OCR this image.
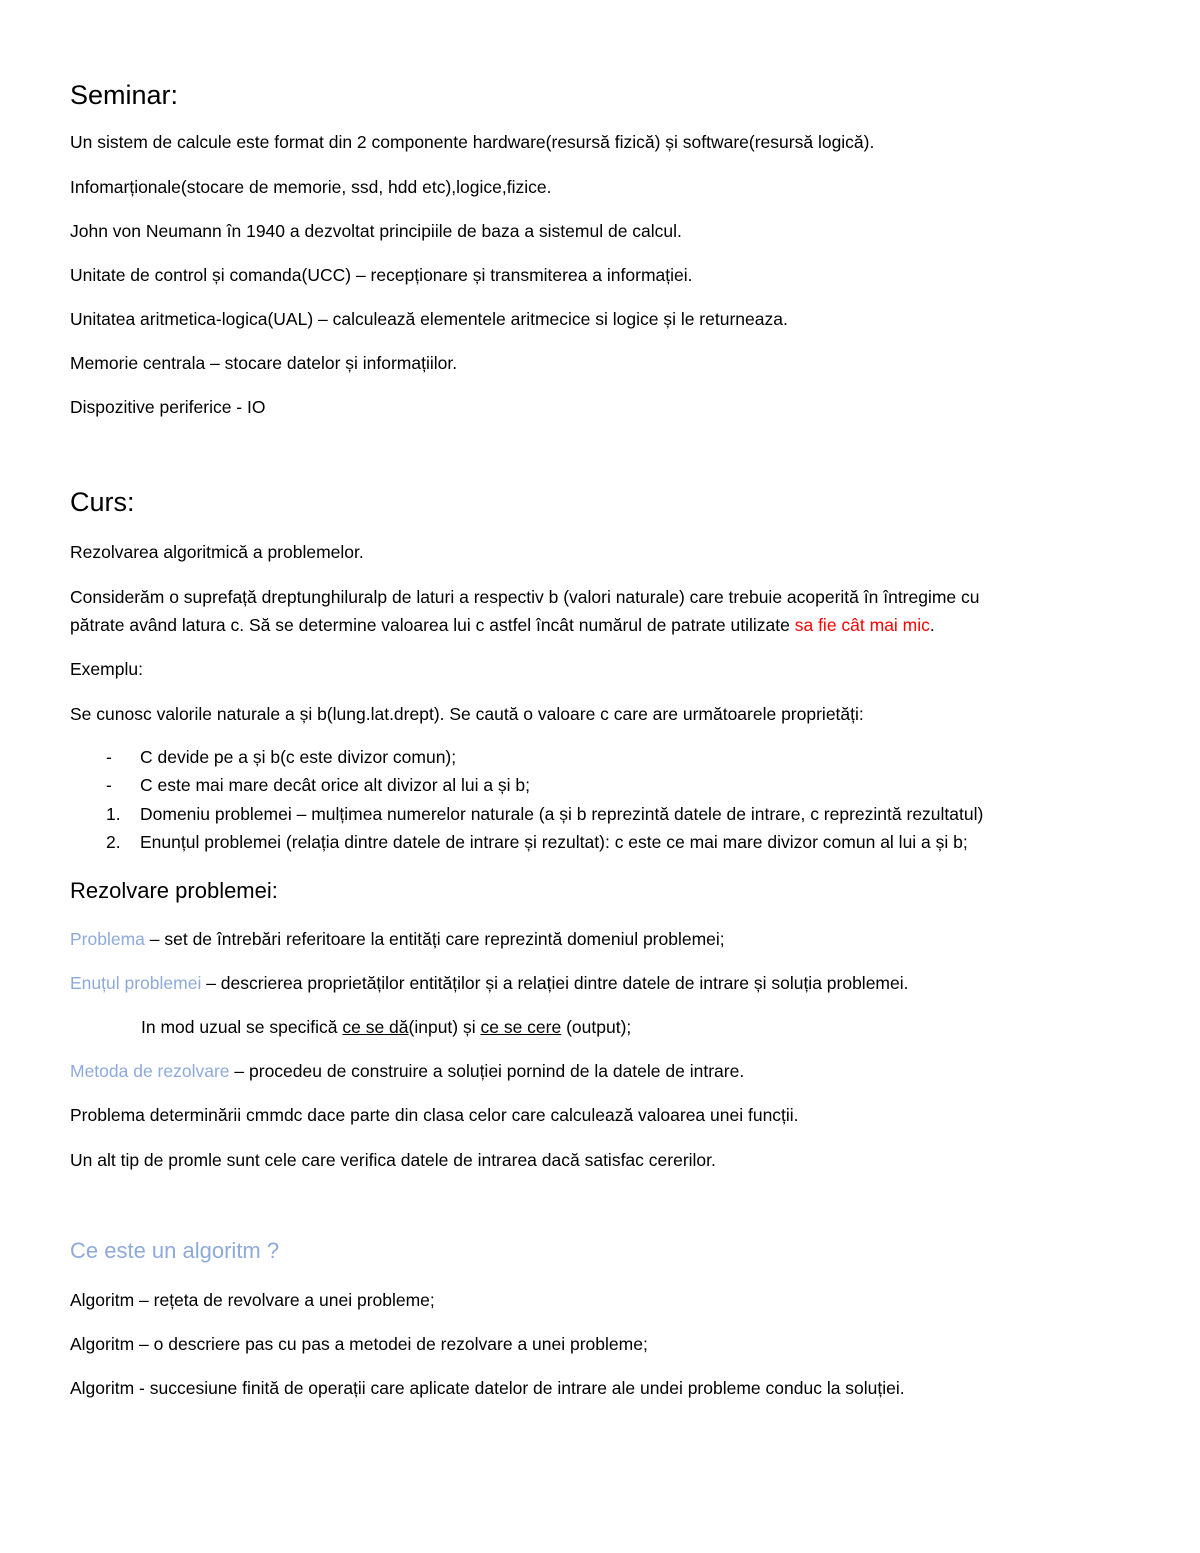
Seminar:
Un sistem de calcule este format din 2 componente hardware(resursă fizică) și software(resursă logică).
Infomarționale(stocare de memorie, ssd, hdd etc),logice,fizice.
John von Neumann în 1940 a dezvoltat principiile de baza a sistemul de calcul.
Unitate de control și comanda(UCC) – recepționare și transmiterea a informației.
Unitatea aritmetica-logica(UAL) – calculează elementele aritmecice si logice și le returneaza.
Memorie centrala – stocare datelor și informațiilor.
Dispozitive periferice - IO
Curs:
Rezolvarea algoritmică a problemelor.
Considerăm o suprefață dreptunghiluralp de laturi a respectiv b (valori naturale) care trebuie acoperită în întregime cu
pătrate având latura c. Să se determine valoarea lui c astfel încât numărul de patrate utilizate sa fie cât mai mic.
Exemplu:
Se cunosc valorile naturale a și b(lung.lat.drept). Se caută o valoare c care are următoarele proprietăți:
- C devide pe a și b(c este divizor comun);
- C este mai mare decât orice alt divizor al lui a și b;
1. Domeniu problemei – mulțimea numerelor naturale (a și b reprezintă datele de intrare, c reprezintă rezultatul)
2. Enunțul problemei (relația dintre datele de intrare și rezultat): c este ce mai mare divizor comun al lui a și b;
Rezolvare problemei:
Problema – set de întrebări referitoare la entități care reprezintă domeniul problemei;
Enuțul problemei – descrierea proprietăților entităților și a relației dintre datele de intrare și soluția problemei.
In mod uzual se specifică ce se dă(input) și ce se cere (output);
Metoda de rezolvare – procedeu de construire a soluției pornind de la datele de intrare.
Problema determinării cmmdc dace parte din clasa celor care calculează valoarea unei funcții.
Un alt tip de promle sunt cele care verifica datele de intrarea dacă satisfac cererilor.
Ce este un algoritm ?
Algoritm – rețeta de revolvare a unei probleme;
Algoritm – o descriere pas cu pas a metodei de rezolvare a unei probleme;
Algoritm - succesiune finită de operații care aplicate datelor de intrare ale undei probleme conduc la soluției.
